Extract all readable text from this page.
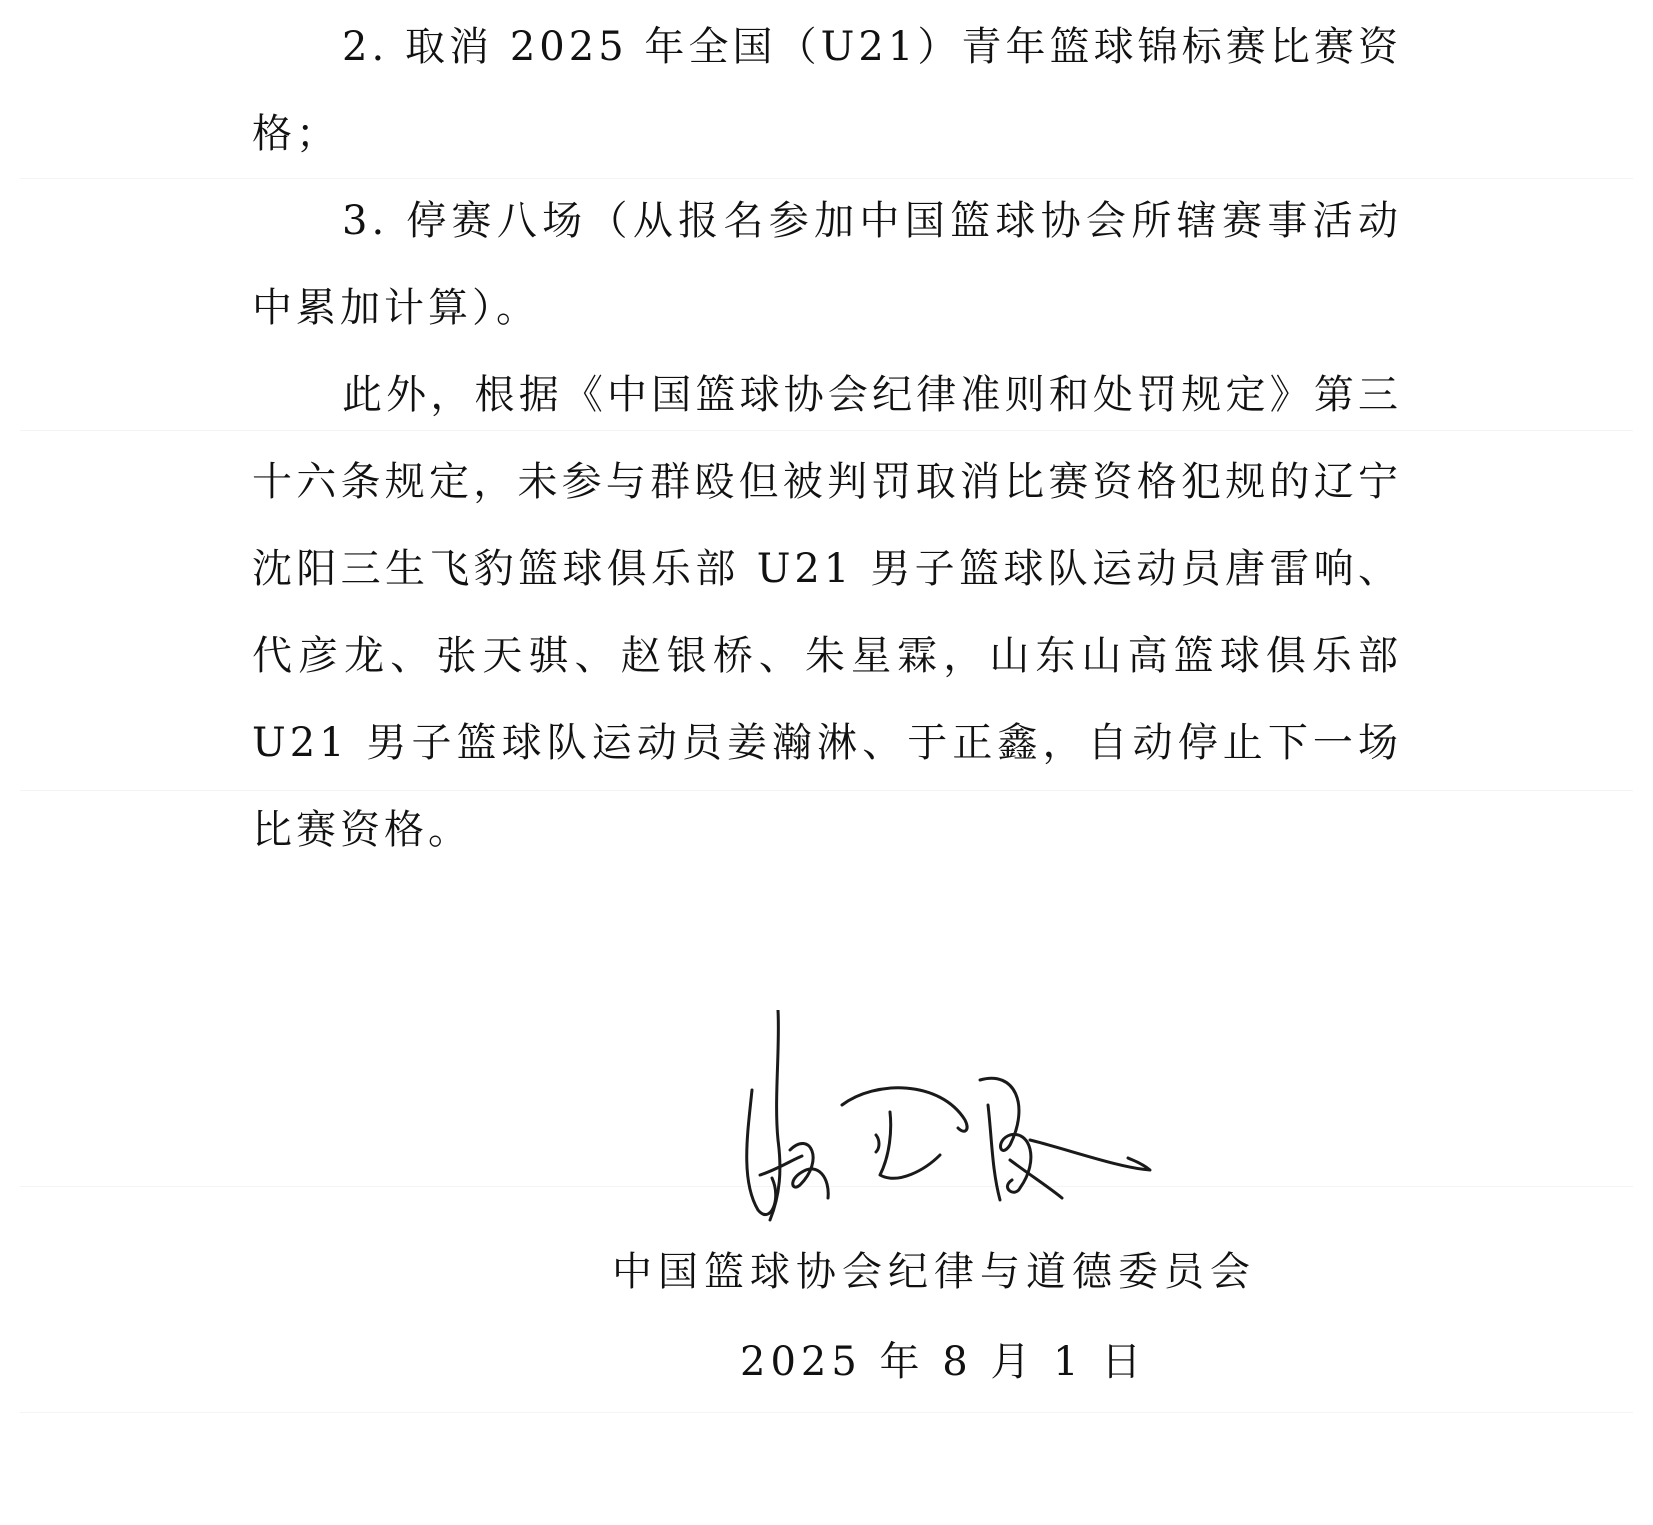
2. 取消 2025 年全国（U21）青年篮球锦标赛比赛资格；

3. 停赛八场（从报名参加中国篮球协会所辖赛事活动中累加计算）。

此外，根据《中国篮球协会纪律准则和处罚规定》第三十六条规定，未参与群殴但被判罚取消比赛资格犯规的辽宁沈阳三生飞豹篮球俱乐部 U21 男子篮球队运动员唐雷响、代彦龙、张天骐、赵银桥、朱星霖，山东山高篮球俱乐部 U21 男子篮球队运动员姜瀚淋、于正鑫，自动停止下一场比赛资格。

中国篮球协会纪律与道德委员会
2025 年 8 月 1 日
